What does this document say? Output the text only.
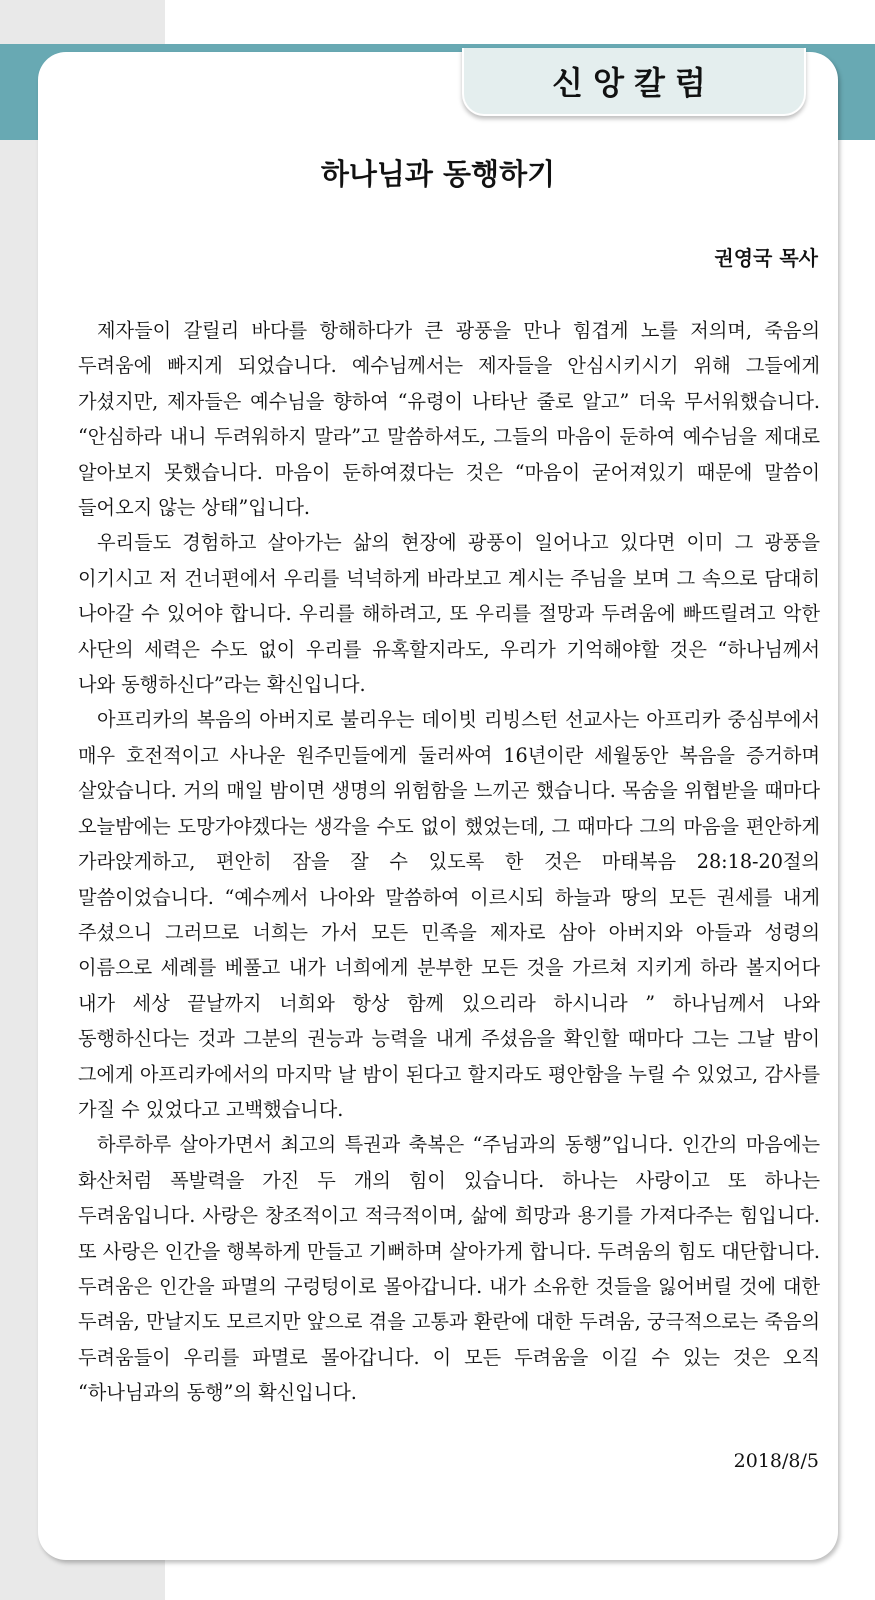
신앙칼럼
하나님과 동행하기
권영국 목사

제자들이 갈릴리 바다를 항해하다가 큰 광풍을 만나 힘겹게 노를 저의며, 죽음의 두려움에 빠지게 되었습니다. 예수님께서는 제자들을 안심시키시기 위해 그들에게 가셨지만, 제자들은 예수님을 향하여 “유령이 나타난 줄로 알고” 더욱 무서워했습니다. “안심하라 내니 두려워하지 말라”고 말씀하셔도, 그들의 마음이 둔하여 예수님을 제대로 알아보지 못했습니다. 마음이 둔하여졌다는 것은 “마음이 굳어져있기 때문에 말씀이 들어오지 않는 상태”입니다.

우리들도 경험하고 살아가는 삶의 현장에 광풍이 일어나고 있다면 이미 그 광풍을 이기시고 저 건너편에서 우리를 넉넉하게 바라보고 계시는 주님을 보며 그 속으로 담대히 나아갈 수 있어야 합니다. 우리를 해하려고, 또 우리를 절망과 두려움에 빠뜨릴려고 악한 사단의 세력은 수도 없이 우리를 유혹할지라도, 우리가 기억해야할 것은 “하나님께서 나와 동행하신다”라는 확신입니다.

아프리카의 복음의 아버지로 불리우는 데이빗 리빙스턴 선교사는 아프리카 중심부에서 매우 호전적이고 사나운 원주민들에게 둘러싸여 16년이란 세월동안 복음을 증거하며 살았습니다. 거의 매일 밤이면 생명의 위험함을 느끼곤 했습니다. 목숨을 위협받을 때마다 오늘밤에는 도망가야겠다는 생각을 수도 없이 했었는데, 그 때마다 그의 마음을 편안하게 가라앉게하고, 편안히 잠을 잘 수 있도록 한 것은 마태복음 28:18-20절의 말씀이었습니다. “예수께서 나아와 말씀하여 이르시되 하늘과 땅의 모든 권세를 내게 주셨으니 그러므로 너희는 가서 모든 민족을 제자로 삼아 아버지와 아들과 성령의 이름으로 세례를 베풀고 내가 너희에게 분부한 모든 것을 가르쳐 지키게 하라 볼지어다 내가 세상 끝날까지 너희와 항상 함께 있으리라 하시니라 ” 하나님께서 나와 동행하신다는 것과 그분의 권능과 능력을 내게 주셨음을 확인할 때마다 그는 그날 밤이 그에게 아프리카에서의 마지막 날 밤이 된다고 할지라도 평안함을 누릴 수 있었고, 감사를 가질 수 있었다고 고백했습니다.

하루하루 살아가면서 최고의 특권과 축복은 “주님과의 동행”입니다. 인간의 마음에는 화산처럼 폭발력을 가진 두 개의 힘이 있습니다. 하나는 사랑이고 또 하나는 두려움입니다. 사랑은 창조적이고 적극적이며, 삶에 희망과 용기를 가져다주는 힘입니다. 또 사랑은 인간을 행복하게 만들고 기뻐하며 살아가게 합니다. 두려움의 힘도 대단합니다. 두려움은 인간을 파멸의 구렁텅이로 몰아갑니다. 내가 소유한 것들을 잃어버릴 것에 대한 두려움, 만날지도 모르지만 앞으로 겪을 고통과 환란에 대한 두려움, 궁극적으로는 죽음의 두려움들이 우리를 파멸로 몰아갑니다. 이 모든 두려움을 이길 수 있는 것은 오직 “하나님과의 동행”의 확신입니다.

2018/8/5
